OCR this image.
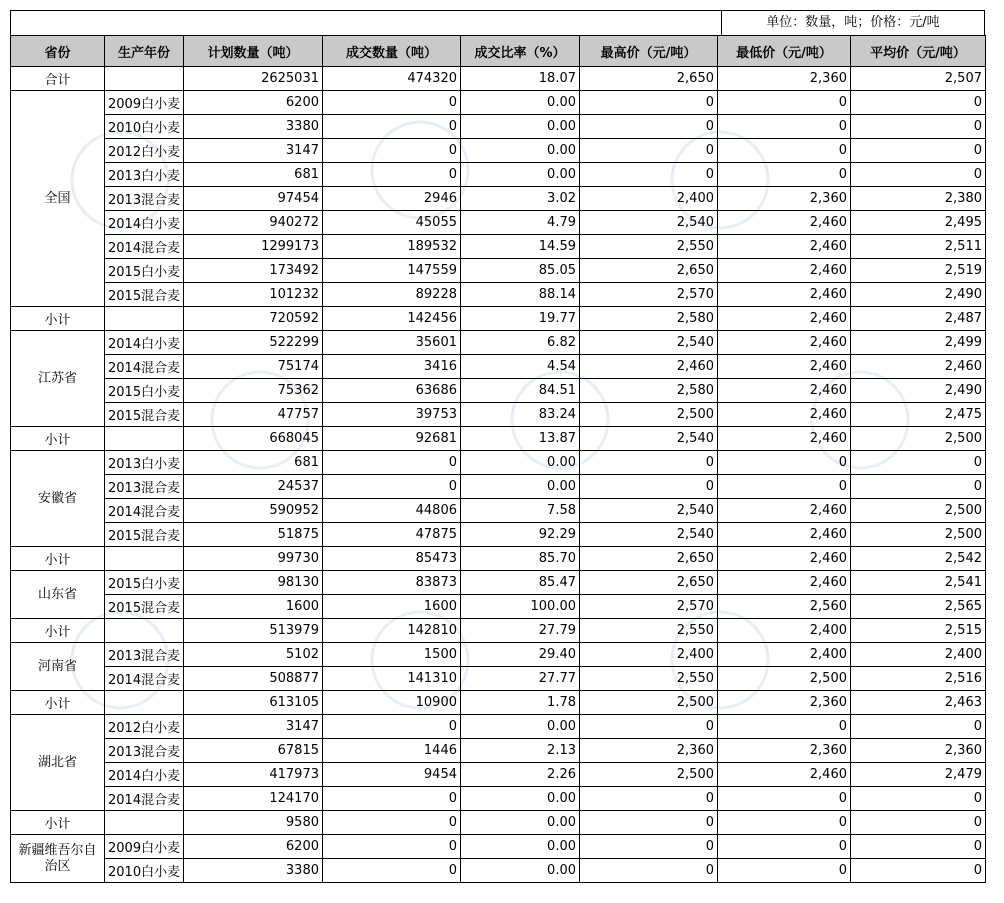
单位：数量，吨；价格：元/吨
省份	生产年份	计划数量（吨）	成交数量（吨）	成交比率（%）	最高价（元/吨）	最低价（元/吨）	平均价（元/吨）
合计		2625031	474320	18.07	2,650	2,360	2,507
全国	2009白小麦	6200	0	0.00	0	0	0
	2010白小麦	3380	0	0.00	0	0	0
	2012白小麦	3147	0	0.00	0	0	0
	2013白小麦	681	0	0.00	0	0	0
	2013混合麦	97454	2946	3.02	2,400	2,360	2,380
	2014白小麦	940272	45055	4.79	2,540	2,460	2,495
	2014混合麦	1299173	189532	14.59	2,550	2,460	2,511
	2015白小麦	173492	147559	85.05	2,650	2,460	2,519
	2015混合麦	101232	89228	88.14	2,570	2,460	2,490
小计		720592	142456	19.77	2,580	2,460	2,487
江苏省	2014白小麦	522299	35601	6.82	2,540	2,460	2,499
	2014混合麦	75174	3416	4.54	2,460	2,460	2,460
	2015白小麦	75362	63686	84.51	2,580	2,460	2,490
	2015混合麦	47757	39753	83.24	2,500	2,460	2,475
小计		668045	92681	13.87	2,540	2,460	2,500
安徽省	2013白小麦	681	0	0.00	0	0	0
	2013混合麦	24537	0	0.00	0	0	0
	2014混合麦	590952	44806	7.58	2,540	2,460	2,500
	2015混合麦	51875	47875	92.29	2,540	2,460	2,500
小计		99730	85473	85.70	2,650	2,460	2,542
山东省	2015白小麦	98130	83873	85.47	2,650	2,460	2,541
	2015混合麦	1600	1600	100.00	2,570	2,560	2,565
小计		513979	142810	27.79	2,550	2,400	2,515
河南省	2013混合麦	5102	1500	29.40	2,400	2,400	2,400
	2014混合麦	508877	141310	27.77	2,550	2,500	2,516
小计		613105	10900	1.78	2,500	2,360	2,463
湖北省	2012白小麦	3147	0	0.00	0	0	0
	2013混合麦	67815	1446	2.13	2,360	2,360	2,360
	2014白小麦	417973	9454	2.26	2,500	2,460	2,479
	2014混合麦	124170	0	0.00	0	0	0
小计		9580	0	0.00	0	0	0
新疆维吾尔自治区	2009白小麦	6200	0	0.00	0	0	0
	2010白小麦	3380	0	0.00	0	0	0
